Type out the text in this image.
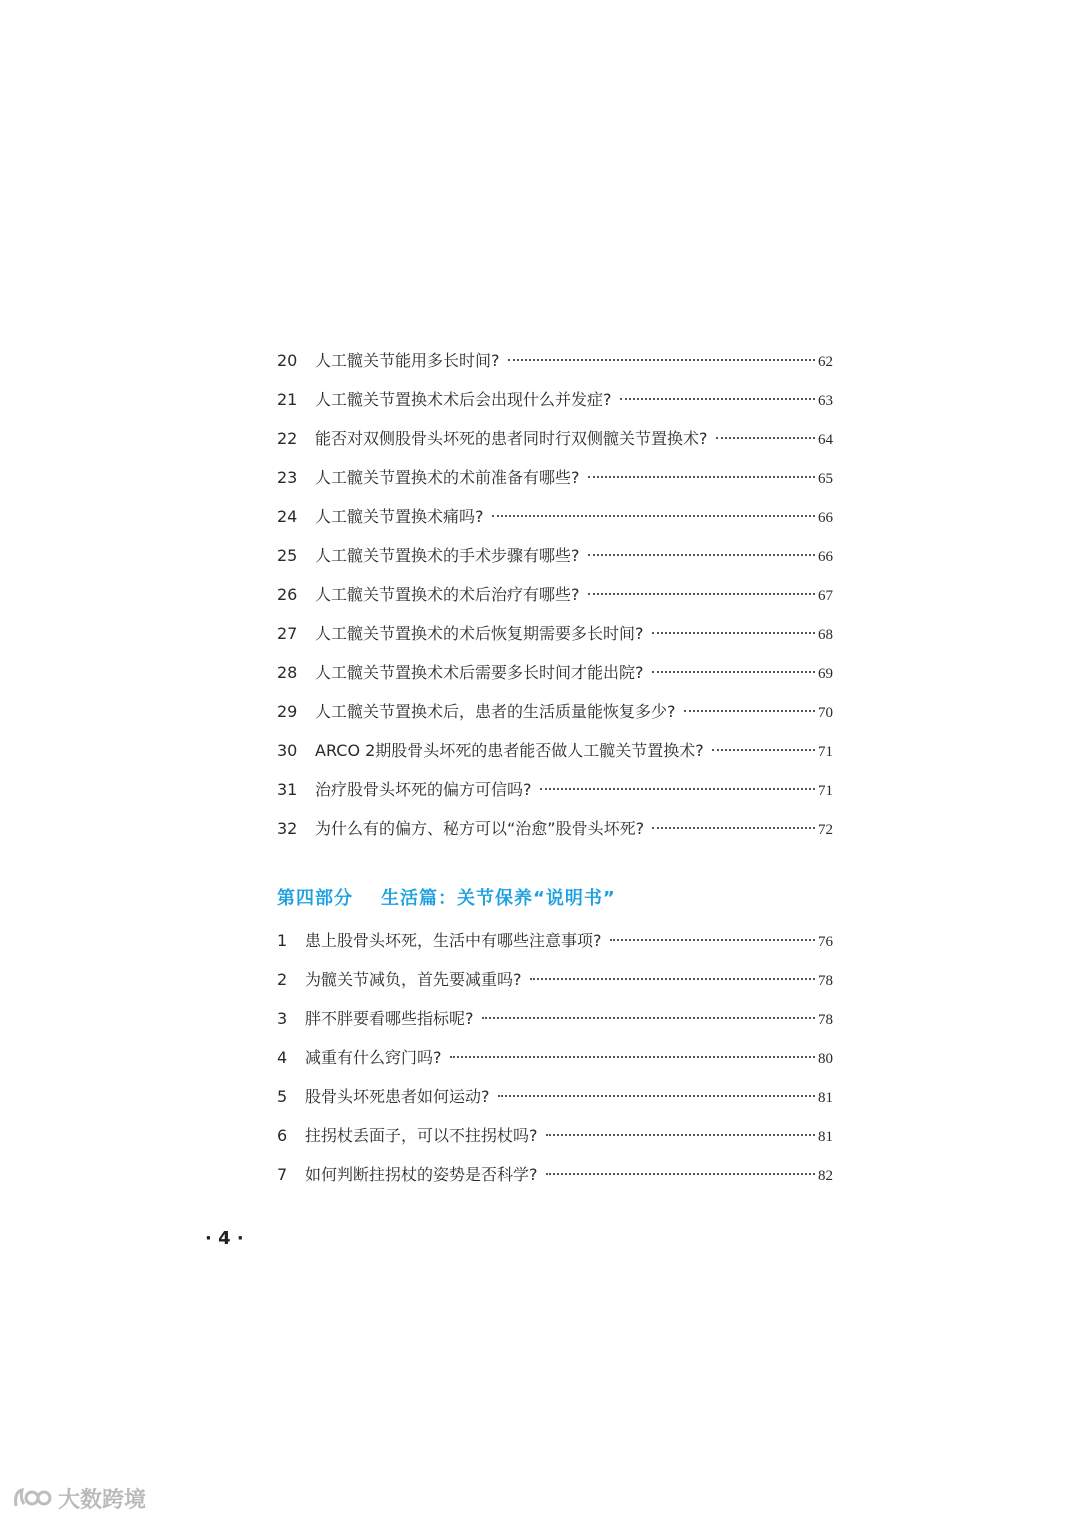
20	人工髋关节能用多长时间?	62
21	人工髋关节置换术术后会出现什么并发症?	63
22	能否对双侧股骨头坏死的患者同时行双侧髋关节置换术?	64
23	人工髋关节置换术的术前准备有哪些?	65
24	人工髋关节置换术痛吗?	66
25	人工髋关节置换术的手术步骤有哪些?	66
26	人工髋关节置换术的术后治疗有哪些?	67
27	人工髋关节置换术的术后恢复期需要多长时间?	68
28	人工髋关节置换术术后需要多长时间才能出院?	69
29	人工髋关节置换术后，患者的生活质量能恢复多少?	70
30	ARCO 2期股骨头坏死的患者能否做人工髋关节置换术?	71
31	治疗股骨头坏死的偏方可信吗?	71
32	为什么有的偏方、秘方可以“治愈”股骨头坏死?	72
第四部分 生活篇：关节保养“说明书”
1	患上股骨头坏死，生活中有哪些注意事项?	76
2	为髋关节减负，首先要减重吗?	78
3	胖不胖要看哪些指标呢?	78
4	减重有什么窍门吗?	80
5	股骨头坏死患者如何运动?	81
6	拄拐杖丢面子，可以不拄拐杖吗?	81
7	如何判断拄拐杖的姿势是否科学?	82
· 4 ·
大数跨境
